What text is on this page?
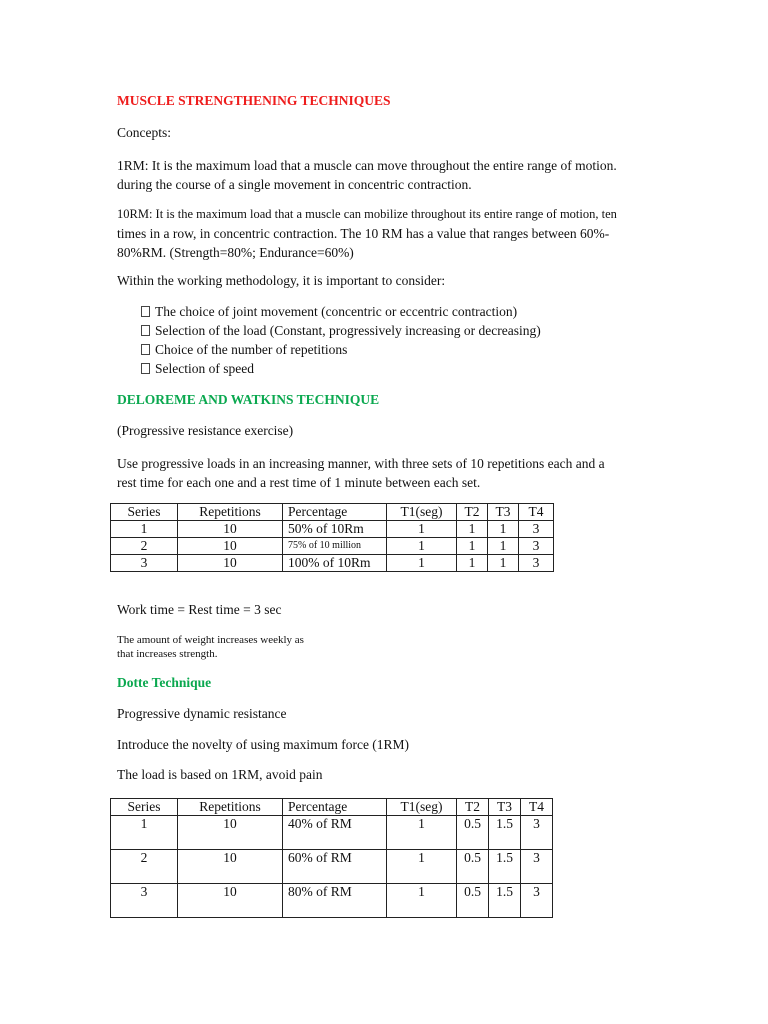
MUSCLE STRENGTHENING TECHNIQUES
Concepts:
1RM: It is the maximum load that a muscle can move throughout the entire range of motion.
during the course of a single movement in concentric contraction.
10RM: It is the maximum load that a muscle can mobilize throughout its entire range of motion, ten
times in a row, in concentric contraction. The 10 RM has a value that ranges between 60%-
80%RM. (Strength=80%; Endurance=60%)
Within the working methodology, it is important to consider:
The choice of joint movement (concentric or eccentric contraction)
Selection of the load (Constant, progressively increasing or decreasing)
Choice of the number of repetitions
Selection of speed
DELOREME AND WATKINS TECHNIQUE
(Progressive resistance exercise)
Use progressive loads in an increasing manner, with three sets of 10 repetitions each and a
rest time for each one and a rest time of 1 minute between each set.
Series	Repetitions	Percentage	T1(seg)	T2	T3	T4
1	10	50% of 10Rm	1	1	1	3
2	10	75% of 10 million	1	1	1	3
3	10	100% of 10Rm	1	1	1	3
Work time = Rest time = 3 sec
The amount of weight increases weekly as
that increases strength.
Dotte Technique
Progressive dynamic resistance
Introduce the novelty of using maximum force (1RM)
The load is based on 1RM, avoid pain
Series	Repetitions	Percentage	T1(seg)	T2	T3	T4
1	10	40% of RM	1	0.5	1.5	3
2	10	60% of RM	1	0.5	1.5	3
3	10	80% of RM	1	0.5	1.5	3
